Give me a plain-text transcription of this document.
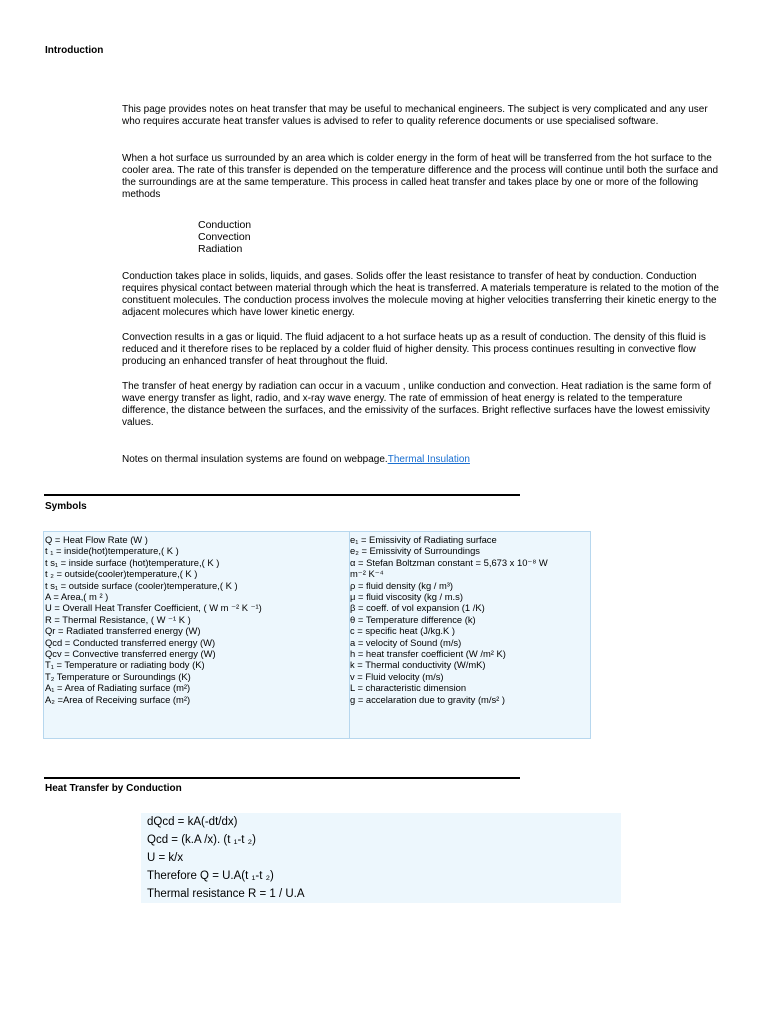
Introduction

This page provides notes on heat transfer that may be useful to mechanical engineers. The subject is very complicated and any user who requires accurate heat transfer values is advised to refer to quality reference documents or use specialised software.

When a hot surface us surrounded by an area which is colder energy in the form of heat will be transferred from the hot surface to the cooler area. The rate of this transfer is depended on the temperature difference and the process will continue until both the surface and the surroundings are at the same temperature. This process in called heat transfer and takes place by one or more of the following methods

Conduction
Convection
Radiation

Conduction takes place in solids, liquids, and gases. Solids offer the least resistance to transfer of heat by conduction. Conduction requires physical contact between material through which the heat is transferred. A materials temperature is related to the motion of the constituent molecules. The conduction process involves the molecule moving at higher velocities transferring their kinetic energy to the adjacent molecures which have lower kinetic energy.

Convection results in a gas or liquid. The fluid adjacent to a hot surface heats up as a result of conduction. The density of this fluid is reduced and it therefore rises to be replaced by a colder fluid of higher density. This process continues resulting in convective flow producing an enhanced transfer of heat throughout the fluid.

The transfer of heat energy by radiation can occur in a vacuum , unlike conduction and convection. Heat radiation is the same form of wave energy transfer as light, radio, and x-ray wave energy. The rate of emmission of heat energy is related to the temperature difference, the distance between the surfaces, and the emissivity of the surfaces. Bright reflective surfaces have the lowest emissivity values.

Notes on thermal insulation systems are found on webpage.Thermal Insulation

Symbols
Q = Heat Flow Rate (W )
t ₁ = inside(hot)temperature,( K )
t s₁ = inside surface (hot)temperature,( K )
t ₂ = outside(cooler)temperature,( K )
t s₁ = outside surface (cooler)temperature,( K )
A = Area,( m ² )
U = Overall Heat Transfer Coefficient, ( W m ⁻² K ⁻¹)
R = Thermal Resistance, ( W ⁻¹ K )
Qr = Radiated transferred energy (W)
Qcd = Conducted transferred energy (W)
Qcv = Convective transferred energy (W)
T₁ = Temperature or radiating body (K)
T₂ Temperature or Suroundings (K)
A₁ = Area of Radiating surface (m²)
A₂ =Area of Receiving surface (m²)
e₁ = Emissivity of Radiating surface
e₂ = Emissivity of Surroundings
α = Stefan Boltzman constant = 5,673 x 10⁻⁸ W
m⁻² K⁻⁴
ρ = fluid density (kg / m³)
μ = fluid viscosity (kg / m.s)
β = coeff. of vol expansion (1 /K)
θ = Temperature difference (k)
c = specific heat (J/kg.K )
a = velocity of Sound (m/s)
h = heat transfer coefficient (W /m² K)
k = Thermal conductivity (W/mK)
v = Fluid velocity (m/s)
L = characteristic dimension
g = accelaration due to gravity (m/s² )
Heat Transfer by Conduction
dQcd = kA(-dt/dx)
Qcd = (k.A /x). (t ₁-t ₂)
U = k/x
Therefore Q = U.A(t ₁-t ₂)
Thermal resistance R = 1 / U.A
